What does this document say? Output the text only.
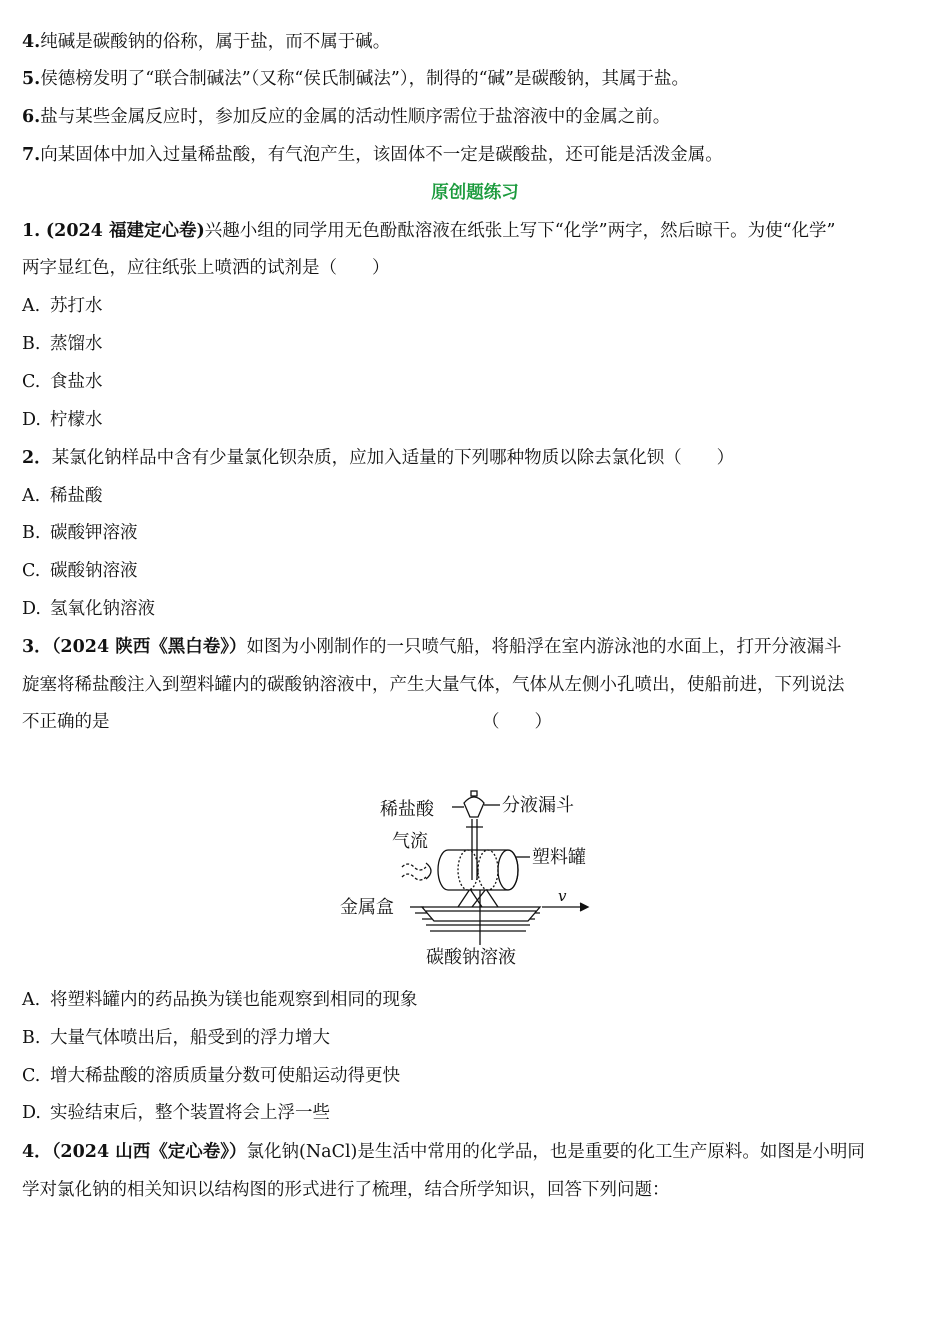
4.纯碱是碳酸钠的俗称，属于盐，而不属于碱。
5.侯德榜发明了“联合制碱法”（又称“侯氏制碱法”），制得的“碱”是碳酸钠，其属于盐。
6.盐与某些金属反应时，参加反应的金属的活动性顺序需位于盐溶液中的金属之前。
7.向某固体中加入过量稀盐酸，有气泡产生，该固体不一定是碳酸盐，还可能是活泼金属。
原创题练习
1. (2024 福建定心卷)兴趣小组的同学用无色酚酞溶液在纸张上写下“化学”两字，然后晾干。为使“化学”
两字显红色，应往纸张上喷洒的试剂是（　　）
A. 苏打水
B. 蒸馏水
C. 食盐水
D. 柠檬水
2．某氯化钠样品中含有少量氯化钡杂质，应加入适量的下列哪种物质以除去氯化钡（　　）
A. 稀盐酸
B. 碳酸钾溶液
C. 碳酸钠溶液
D. 氢氧化钠溶液
3．（2024 陕西《黑白卷》）如图为小刚制作的一只喷气船，将船浮在室内游泳池的水面上，打开分液漏斗
旋塞将稀盐酸注入到塑料罐内的碳酸钠溶液中，产生大量气体，气体从左侧小孔喷出，使船前进，下列说法
不正确的是	（　　）
稀盐酸	分液漏斗
气流
塑料罐
金属盒
v
碳酸钠溶液
A. 将塑料罐内的药品换为镁也能观察到相同的现象
B. 大量气体喷出后，船受到的浮力增大
C. 增大稀盐酸的溶质质量分数可使船运动得更快
D. 实验结束后，整个装置将会上浮一些
4．（2024 山西《定心卷》）氯化钠(NaCl)是生活中常用的化学品，也是重要的化工生产原料。如图是小明同
学对氯化钠的相关知识以结构图的形式进行了梳理，结合所学知识，回答下列问题：
